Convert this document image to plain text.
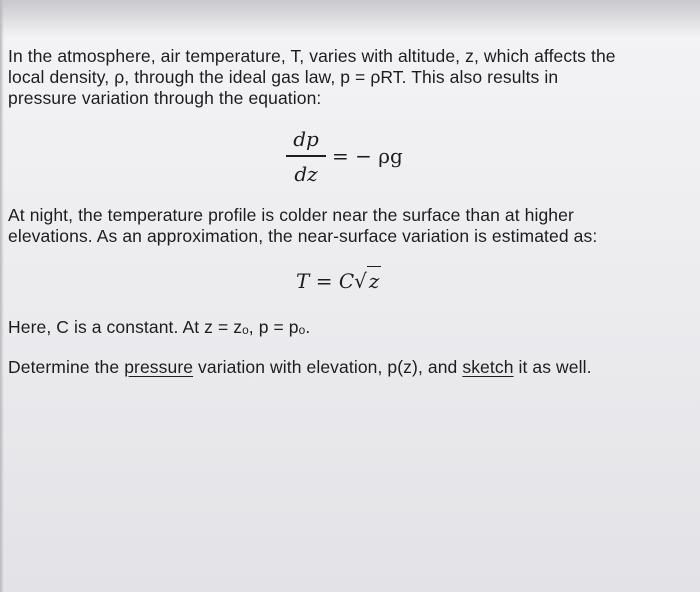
In the atmosphere, air temperature, T, varies with altitude, z, which affects the
local density, ρ, through the ideal gas law, p = ρRT. This also results in
pressure variation through the equation:

dp
dz
= − ρg

At night, the temperature profile is colder near the surface than at higher
elevations. As an approximation, the near-surface variation is estimated as:

T = C√ z

Here, C is a constant. At z = zₒ, p = pₒ.

Determine the pressure variation with elevation, p(z), and sketch it as well.
